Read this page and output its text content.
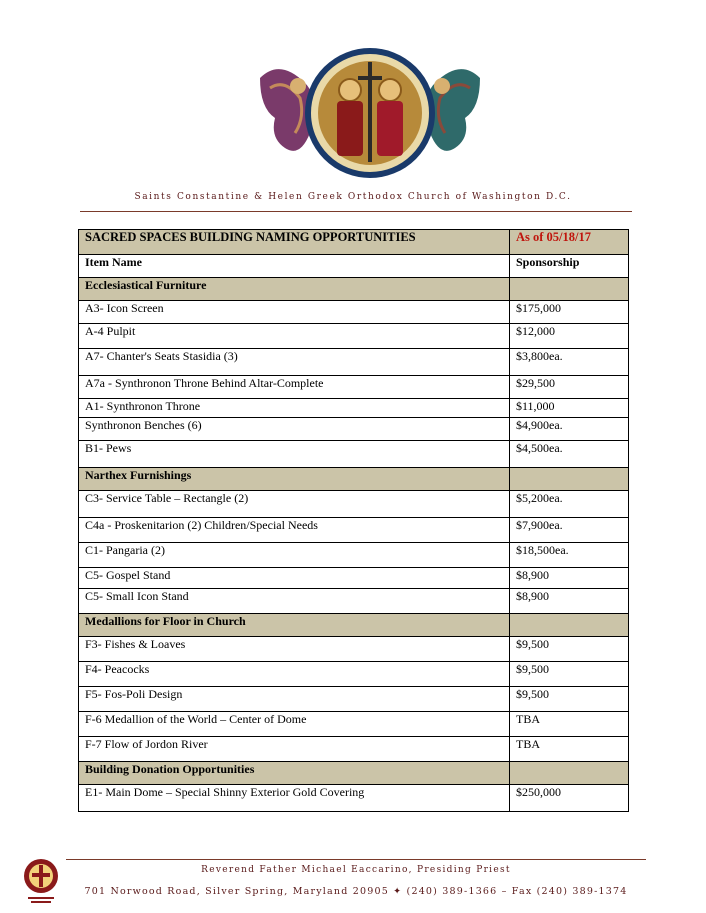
Saints Constantine & Helen Greek Orthodox Church of Washington D.C.
SACRED SPACES BUILDING NAMING OPPORTUNITIES	As of 05/18/17
Item Name	Sponsorship
Ecclesiastical Furniture	
A3- Icon Screen	$175,000
A-4 Pulpit	$12,000
A7- Chanter's Seats Stasidia (3)	$3,800ea.
A7a - Synthronon Throne Behind Altar-Complete	$29,500
A1- Synthronon Throne	$11,000
Synthronon Benches (6)	$4,900ea.
B1- Pews	$4,500ea.
Narthex Furnishings	
C3- Service Table – Rectangle (2)	$5,200ea.
C4a - Proskenitarion (2) Children/Special Needs	$7,900ea.
C1- Pangaria (2)	$18,500ea.
C5- Gospel Stand	$8,900
C5- Small Icon Stand	$8,900
Medallions for Floor in Church	
F3- Fishes & Loaves	$9,500
F4- Peacocks	$9,500
F5- Fos-Poli Design	$9,500
F-6 Medallion of the World – Center of Dome	TBA
F-7 Flow of Jordon River	TBA
Building Donation Opportunities	
E1- Main Dome – Special Shinny Exterior Gold Covering	$250,000
Reverend Father Michael Eaccarino, Presiding Priest
701 Norwood Road, Silver Spring, Maryland 20905 ✦ (240) 389-1366 – Fax (240) 389-1374
